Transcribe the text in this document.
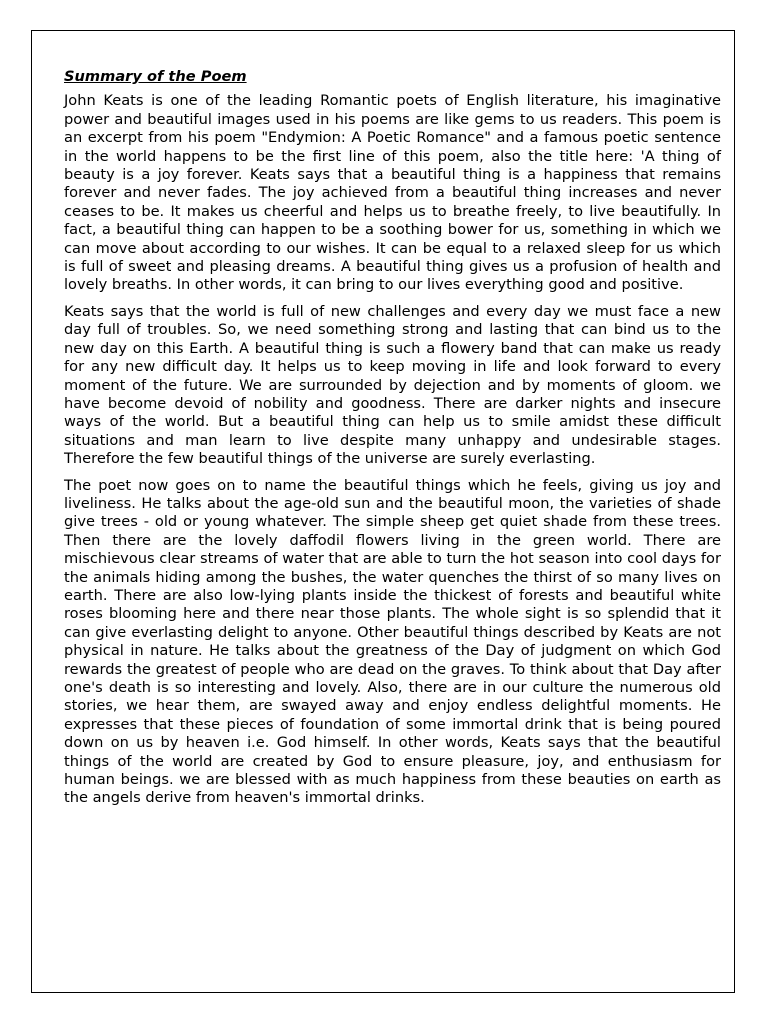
Summary of the Poem

John Keats is one of the leading Romantic poets of English literature, his imaginative power and beautiful images used in his poems are like gems to us readers. This poem is an excerpt from his poem "Endymion: A Poetic Romance" and a famous poetic sentence in the world happens to be the first line of this poem, also the title here: 'A thing of beauty is a joy forever. Keats says that a beautiful thing is a happiness that remains forever and never fades. The joy achieved from a beautiful thing increases and never ceases to be. It makes us cheerful and helps us to breathe freely, to live beautifully. In fact, a beautiful thing can happen to be a soothing bower for us, something in which we can move about according to our wishes. It can be equal to a relaxed sleep for us which is full of sweet and pleasing dreams. A beautiful thing gives us a profusion of health and lovely breaths. In other words, it can bring to our lives everything good and positive.

Keats says that the world is full of new challenges and every day we must face a new day full of troubles. So, we need something strong and lasting that can bind us to the new day on this Earth. A beautiful thing is such a flowery band that can make us ready for any new difficult day. It helps us to keep moving in life and look forward to every moment of the future. We are surrounded by dejection and by moments of gloom. we have become devoid of nobility and goodness. There are darker nights and insecure ways of the world. But a beautiful thing can help us to smile amidst these difficult situations and man learn to live despite many unhappy and undesirable stages. Therefore the few beautiful things of the universe are surely everlasting.

The poet now goes on to name the beautiful things which he feels, giving us joy and liveliness. He talks about the age-old sun and the beautiful moon, the varieties of shade give trees - old or young whatever. The simple sheep get quiet shade from these trees. Then there are the lovely daffodil flowers living in the green world. There are mischievous clear streams of water that are able to turn the hot season into cool days for the animals hiding among the bushes, the water quenches the thirst of so many lives on earth. There are also low-lying plants inside the thickest of forests and beautiful white roses blooming here and there near those plants. The whole sight is so splendid that it can give everlasting delight to anyone. Other beautiful things described by Keats are not physical in nature. He talks about the greatness of the Day of judgment on which God rewards the greatest of people who are dead on the graves. To think about that Day after one's death is so interesting and lovely. Also, there are in our culture the numerous old stories, we hear them, are swayed away and enjoy endless delightful moments. He expresses that these pieces of foundation of some immortal drink that is being poured down on us by heaven i.e. God himself. In other words, Keats says that the beautiful things of the world are created by God to ensure pleasure, joy, and enthusiasm for human beings. we are blessed with as much happiness from these beauties on earth as the angels derive from heaven's immortal drinks.
